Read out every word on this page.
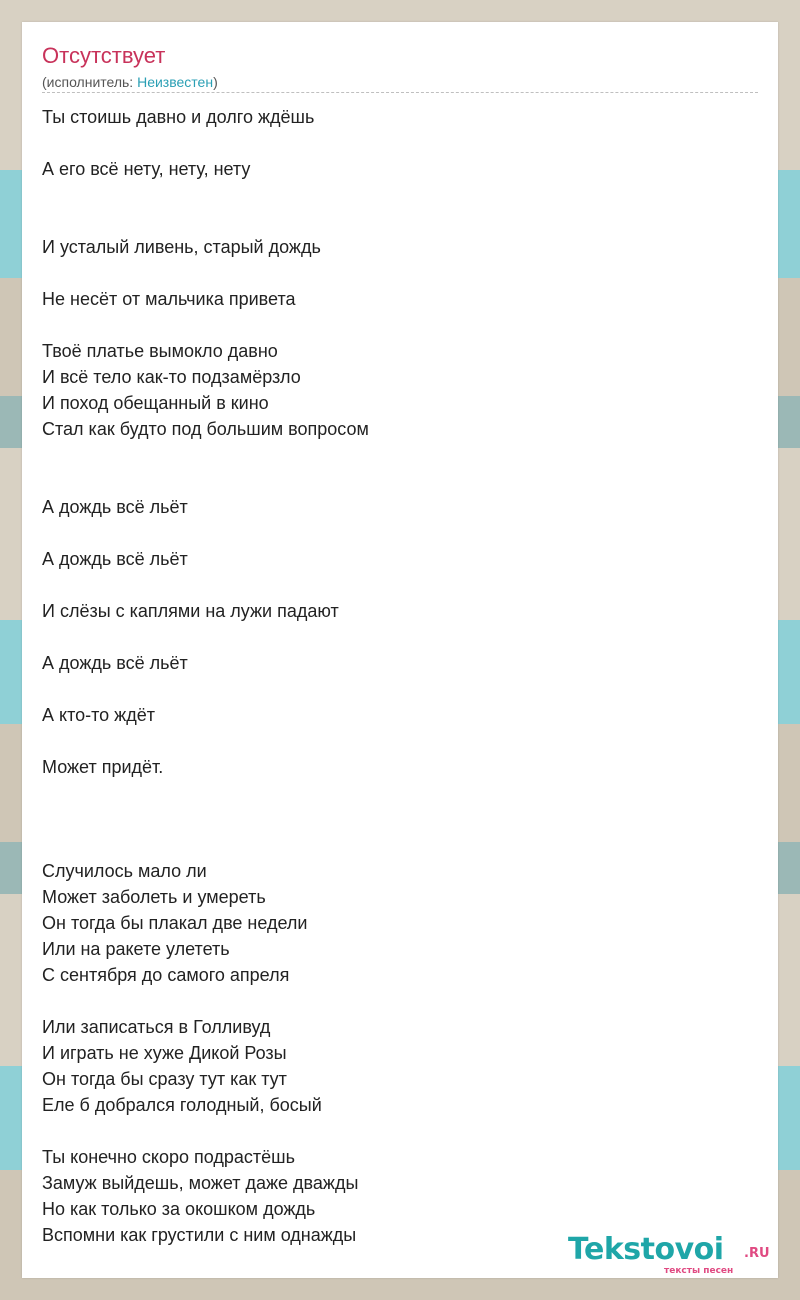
Отсутствует
(исполнитель: Неизвестен)
Ты стоишь давно и долго ждёшь
А его всё нету, нету, нету
И усталый ливень, старый дождь
Не несёт от мальчика привета
Твоё платье вымокло давно
И всё тело как-то подзамёрзло
И поход обещанный в кино
Стал как будто под большим вопросом
А дождь всё льёт
А дождь всё льёт
И слёзы с каплями на лужи падают
А дождь всё льёт
А кто-то ждёт
Может придёт.
Случилось мало ли
Может заболеть и умереть
Он тогда бы плакал две недели
Или на ракете улететь
С сентября до самого апреля
Или записаться в Голливуд
И играть не хуже Дикой Розы
Он тогда бы сразу тут как тут
Еле б добрался голодный, босый
Ты конечно скоро подрастёшь
Замуж выйдешь, может даже дважды
Но как только за окошком дождь
Вспомни как грустили с ним однажды	Tekstovoi .RU
тексты песен
